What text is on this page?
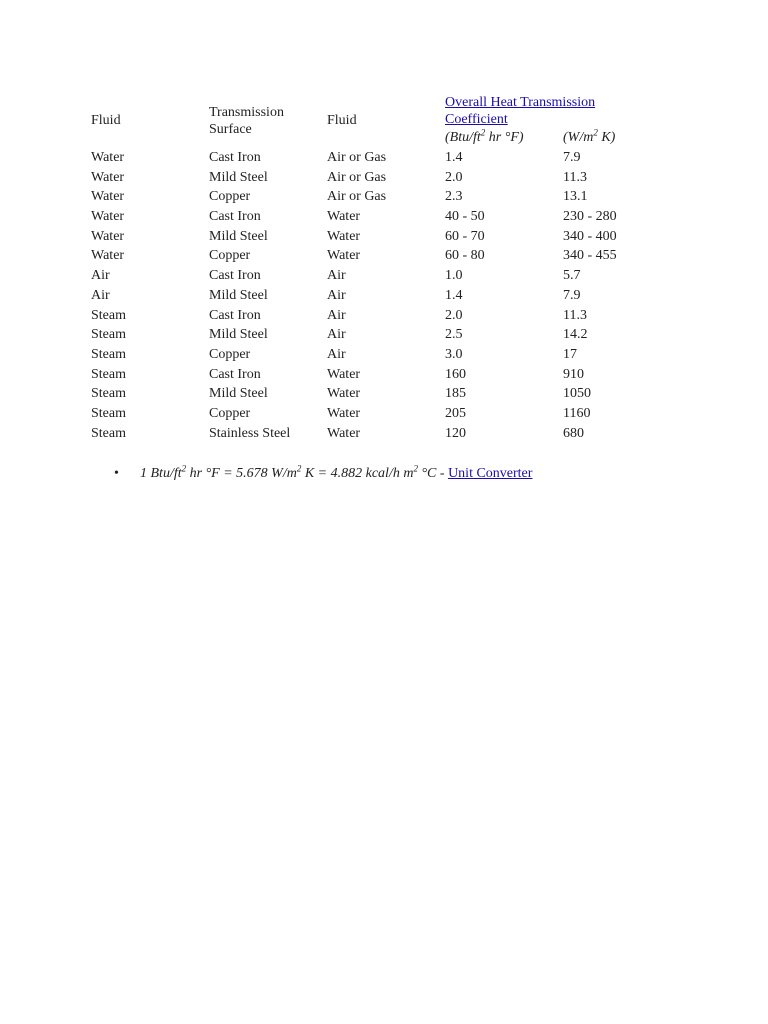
Fluid	Transmission Surface	Fluid	Overall Heat Transmission Coefficient	

			($Btu/ft^2$ hr °F)	($W/m^2$ K)
Water	Cast Iron	Air or Gas	1.4	7.9
Water	Mild Steel	Air or Gas	2.0	11.3
Water	Copper	Air or Gas	2.3	13.1
Water	Cast Iron	Water	40 - 50	230 - 280
Water	Mild Steel	Water	60 - 70	340 - 400
Water	Copper	Water	60 - 80	340 - 455
Air	Cast Iron	Air	1.0	5.7
Air	Mild Steel	Air	1.4	7.9
Steam	Cast Iron	Air	2.0	11.3
Steam	Mild Steel	Air	2.5	14.2
Steam	Copper	Air	3.0	17
Steam	Cast Iron	Water	160	910
Steam	Mild Steel	Water	185	1050
Steam	Copper	Water	205	1160
Steam	Stainless Steel	Water	120	680
• 1 Btu/$ft^2$ hr °F = 5.678 $W/m^2$ K = 4.882 kcal/h $m^2$ °C - Unit Converter
